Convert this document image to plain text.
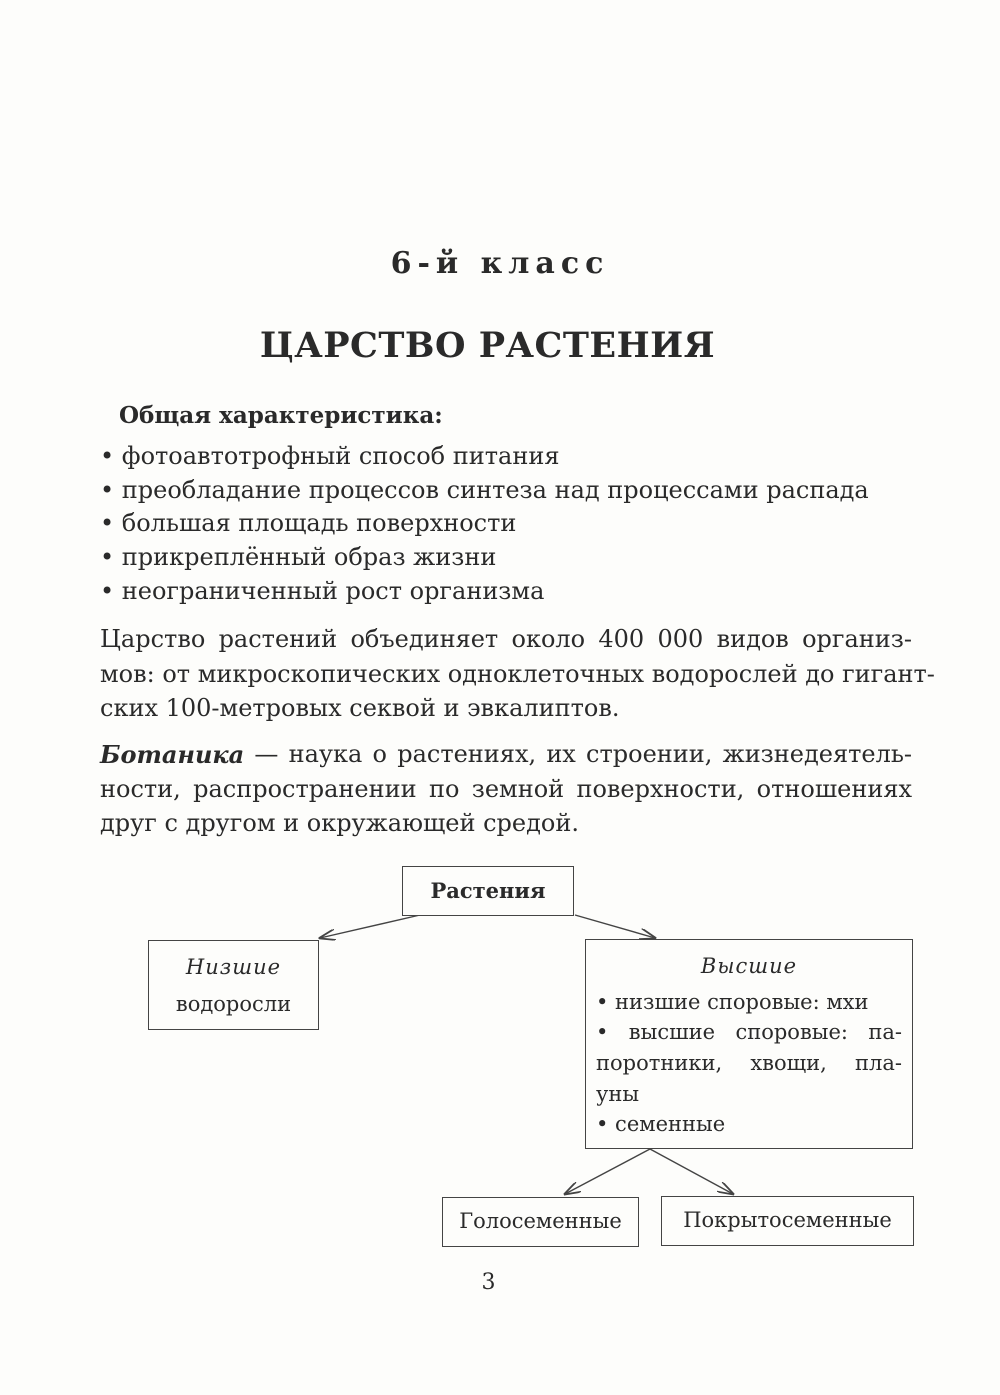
6-й класс
ЦАРСТВО РАСТЕНИЯ
Общая характеристика:
• фотоавтотрофный способ питания
• преобладание процессов синтеза над процессами распада
• большая площадь поверхности
• прикреплённый образ жизни
• неограниченный рост организма
Царство растений объединяет около 400 000 видов организ-
мов: от микроскопических одноклеточных водорослей до гигант-
ских 100-метровых секвой и эвкалиптов.
Ботаника — наука о растениях, их строении, жизнедеятель-
ности, распространении по земной поверхности, отношениях
друг с другом и окружающей средой.
Растения
Низшие
водоросли
Высшие
• низшие споровые: мхи
• высшие споровые: па-
поротники, хвощи, пла-
уны
• семенные
Голосеменные	Покрытосеменные
3
